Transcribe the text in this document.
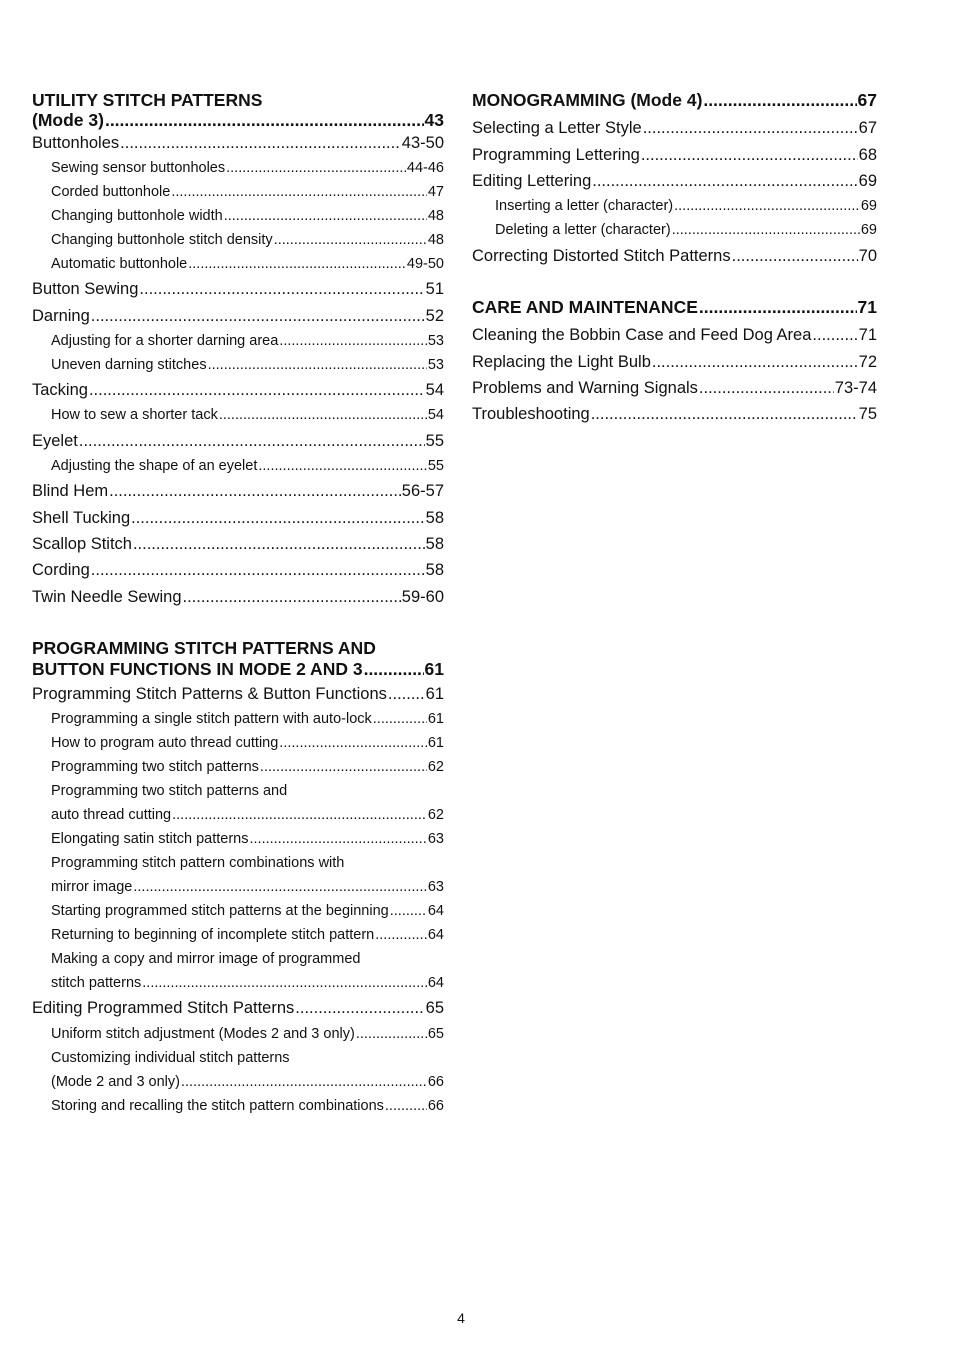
UTILITY STITCH PATTERNS
(Mode 3) .....	43
Buttonholes .....	43-50
Sewing sensor buttonholes .....	44-46
Corded buttonhole .....	47
Changing buttonhole width .....	48
Changing buttonhole stitch density .....	48
Automatic buttonhole .....	49-50
Button Sewing .....	51
Darning .....	52
Adjusting for a shorter darning area .....	53
Uneven darning stitches .....	53
Tacking .....	54
How to sew a shorter tack .....	54
Eyelet .....	55
Adjusting the shape of an eyelet .....	55
Blind Hem .....	56-57
Shell Tucking .....	58
Scallop Stitch .....	58
Cording .....	58
Twin Needle Sewing .....	59-60
PROGRAMMING STITCH PATTERNS AND
BUTTON FUNCTIONS IN MODE 2 AND 3 .....	61
Programming Stitch Patterns & Button Functions ..... 61
Programming a single stitch pattern with auto-lock .....	61
How to program auto thread cutting .....	61
Programming two stitch patterns .....	62
Programming two stitch patterns and
auto thread cutting .....	62
Elongating satin stitch patterns .....	63
Programming stitch pattern combinations with
mirror image .....	63
Starting programmed stitch patterns at the beginning .....	64
Returning to beginning of incomplete stitch pattern .....	64
Making a copy and mirror image of programmed
stitch patterns .....	64
Editing Programmed Stitch Patterns .....	65
Uniform stitch adjustment (Modes 2 and 3 only) .....	65
Customizing individual stitch patterns
(Mode 2 and 3 only) .....	66
Storing and recalling the stitch pattern combinations .....	66
MONOGRAMMING (Mode 4) .....	67
Selecting a Letter Style .....	67
Programming Lettering .....	68
Editing Lettering .....	69
Inserting a letter (character) .....	69
Deleting a letter (character) .....	69
Correcting Distorted Stitch Patterns .....	70
CARE AND MAINTENANCE .....	71
Cleaning the Bobbin Case and Feed Dog Area .....	71
Replacing the Light Bulb .....	72
Problems and Warning Signals .....	73-74
Troubleshooting .....	75
4
